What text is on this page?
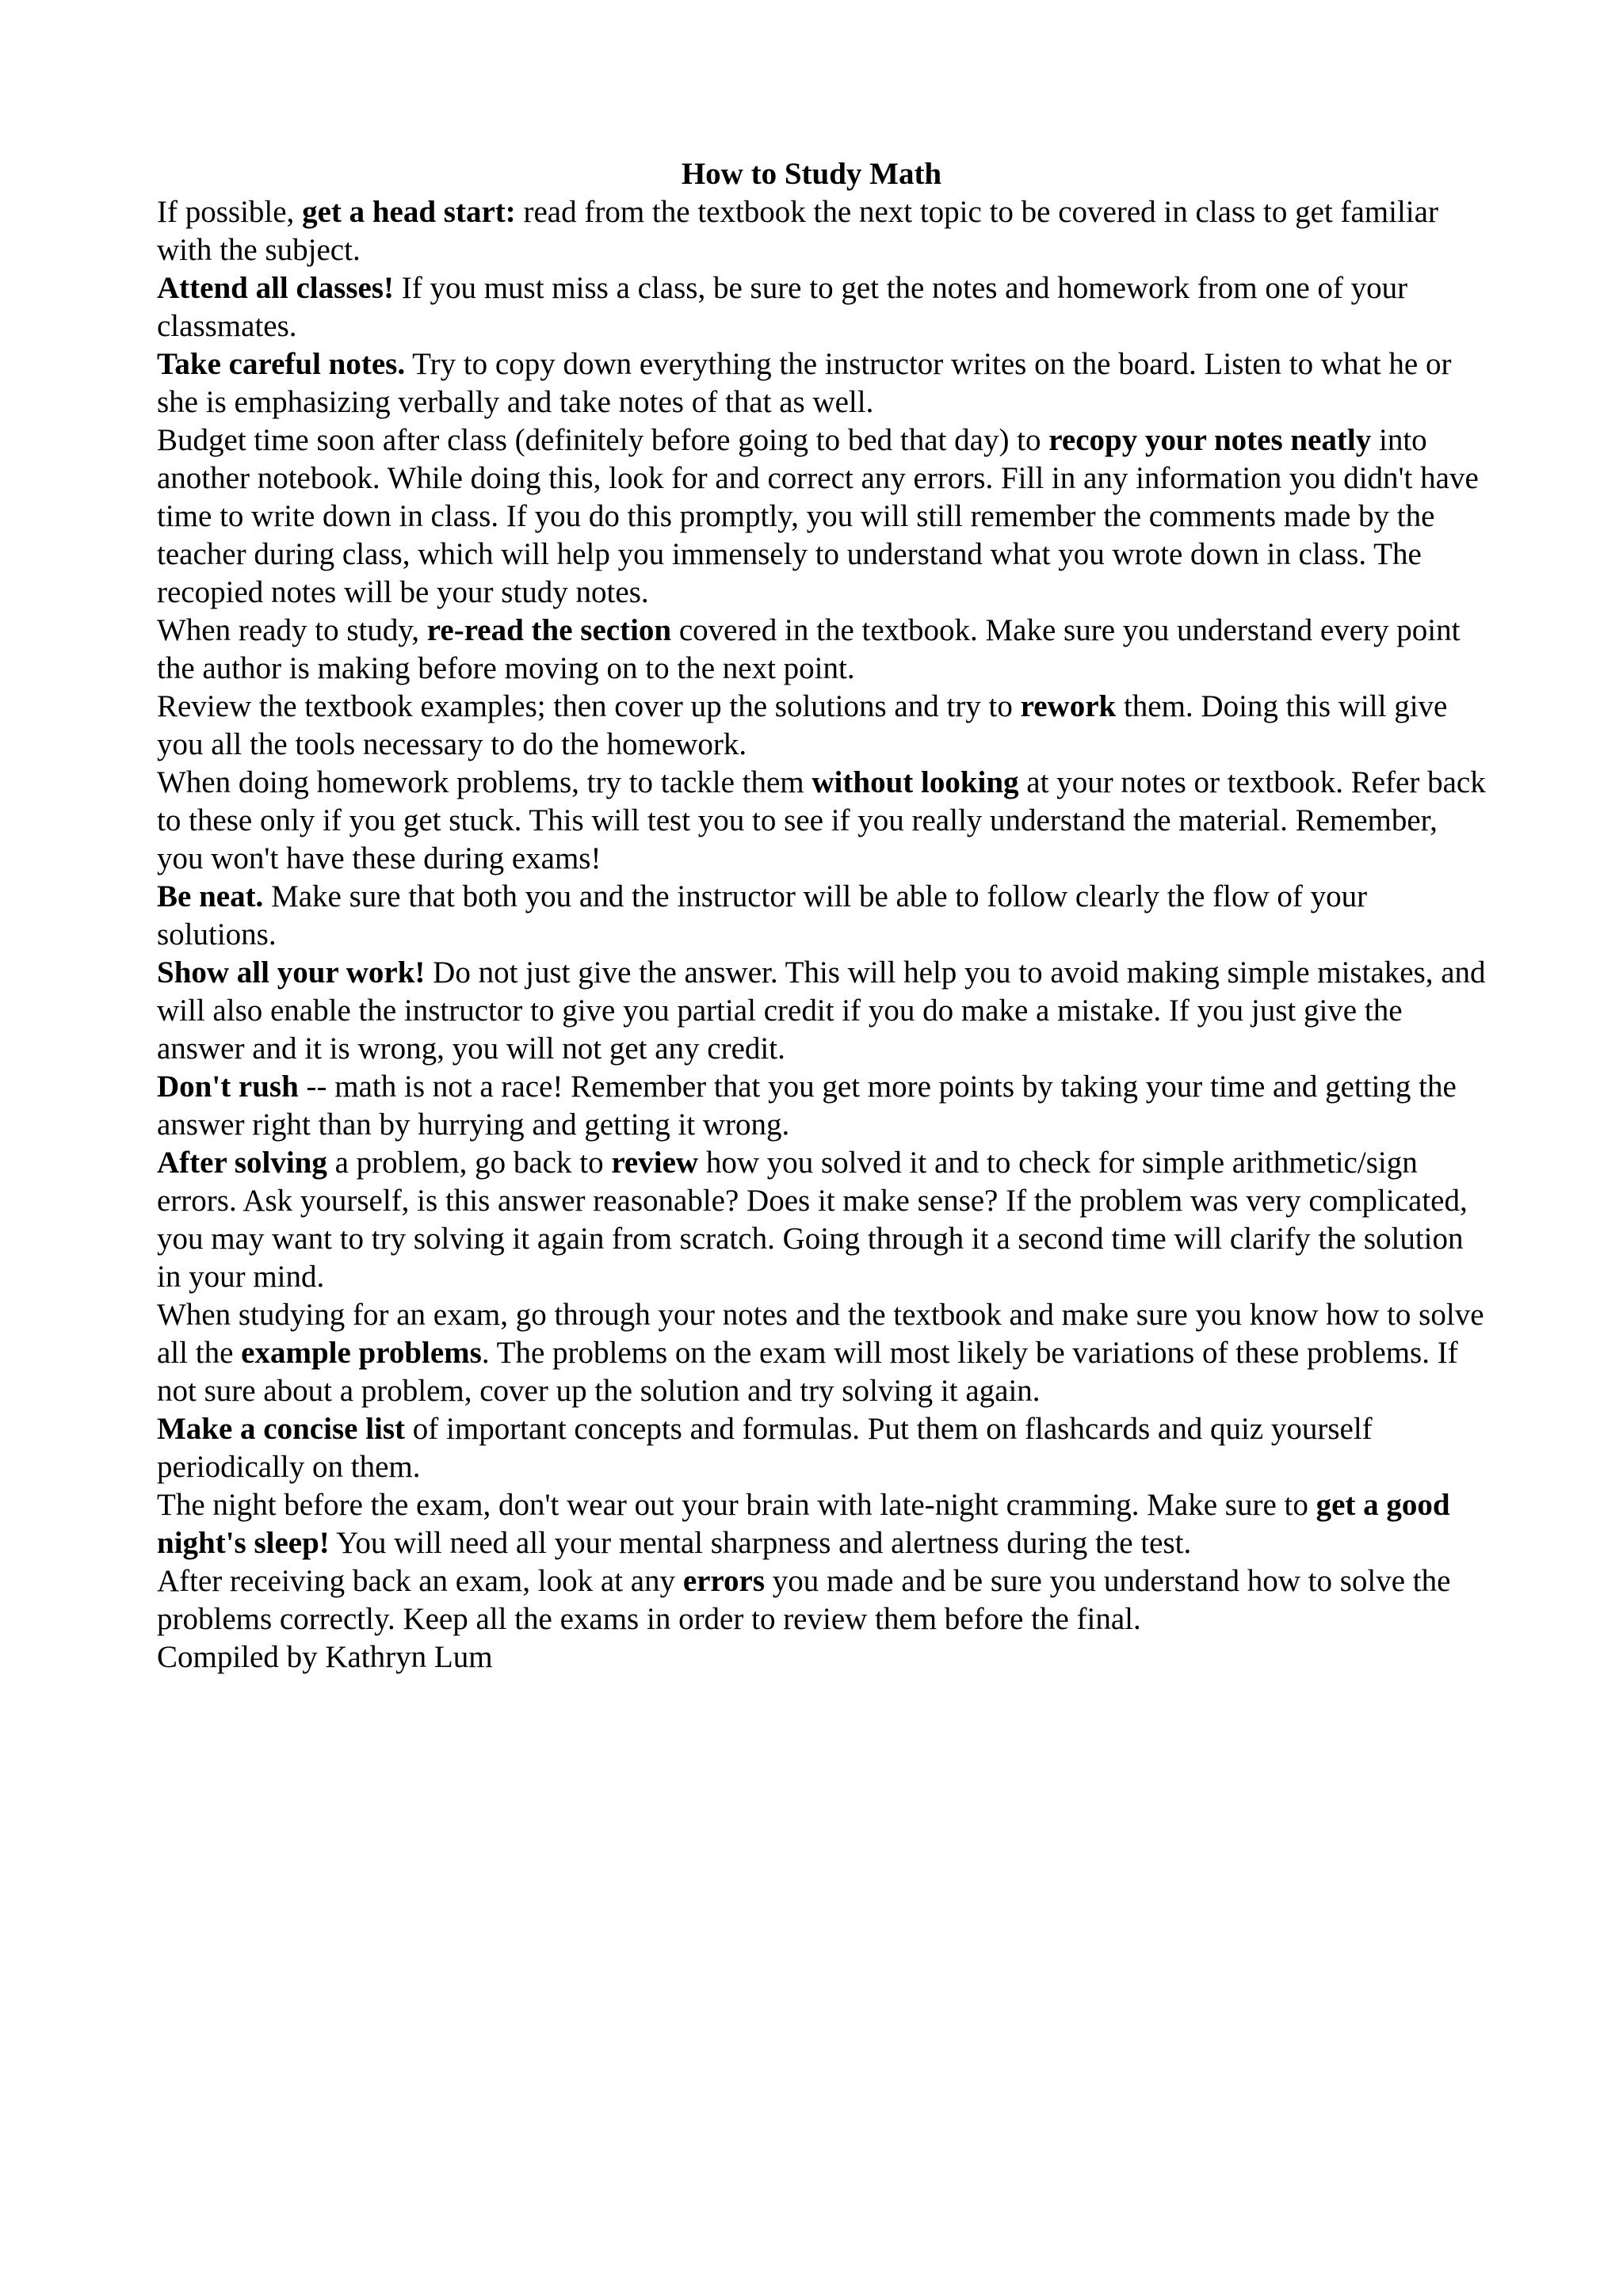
How to Study Math

If possible, get a head start: read from the textbook the next topic to be covered in class to get familiar with the subject.

Attend all classes! If you must miss a class, be sure to get the notes and homework from one of your classmates.

Take careful notes. Try to copy down everything the instructor writes on the board. Listen to what he or she is emphasizing verbally and take notes of that as well.

Budget time soon after class (definitely before going to bed that day) to recopy your notes neatly into another notebook. While doing this, look for and correct any errors. Fill in any information you didn't have time to write down in class. If you do this promptly, you will still remember the comments made by the teacher during class, which will help you immensely to understand what you wrote down in class. The recopied notes will be your study notes.

When ready to study, re-read the section covered in the textbook. Make sure you understand every point the author is making before moving on to the next point.

Review the textbook examples; then cover up the solutions and try to rework them. Doing this will give you all the tools necessary to do the homework.

When doing homework problems, try to tackle them without looking at your notes or textbook. Refer back to these only if you get stuck. This will test you to see if you really understand the material. Remember, you won't have these during exams!

Be neat. Make sure that both you and the instructor will be able to follow clearly the flow of your solutions.

Show all your work! Do not just give the answer. This will help you to avoid making simple mistakes, and will also enable the instructor to give you partial credit if you do make a mistake. If you just give the answer and it is wrong, you will not get any credit.

Don't rush -- math is not a race! Remember that you get more points by taking your time and getting the answer right than by hurrying and getting it wrong.

After solving a problem, go back to review how you solved it and to check for simple arithmetic/sign errors. Ask yourself, is this answer reasonable? Does it make sense? If the problem was very complicated, you may want to try solving it again from scratch. Going through it a second time will clarify the solution in your mind.

When studying for an exam, go through your notes and the textbook and make sure you know how to solve all the example problems. The problems on the exam will most likely be variations of these problems. If not sure about a problem, cover up the solution and try solving it again.

Make a concise list of important concepts and formulas. Put them on flashcards and quiz yourself periodically on them.

The night before the exam, don't wear out your brain with late-night cramming. Make sure to get a good night's sleep! You will need all your mental sharpness and alertness during the test.

After receiving back an exam, look at any errors you made and be sure you understand how to solve the problems correctly. Keep all the exams in order to review them before the final.

Compiled by Kathryn Lum
